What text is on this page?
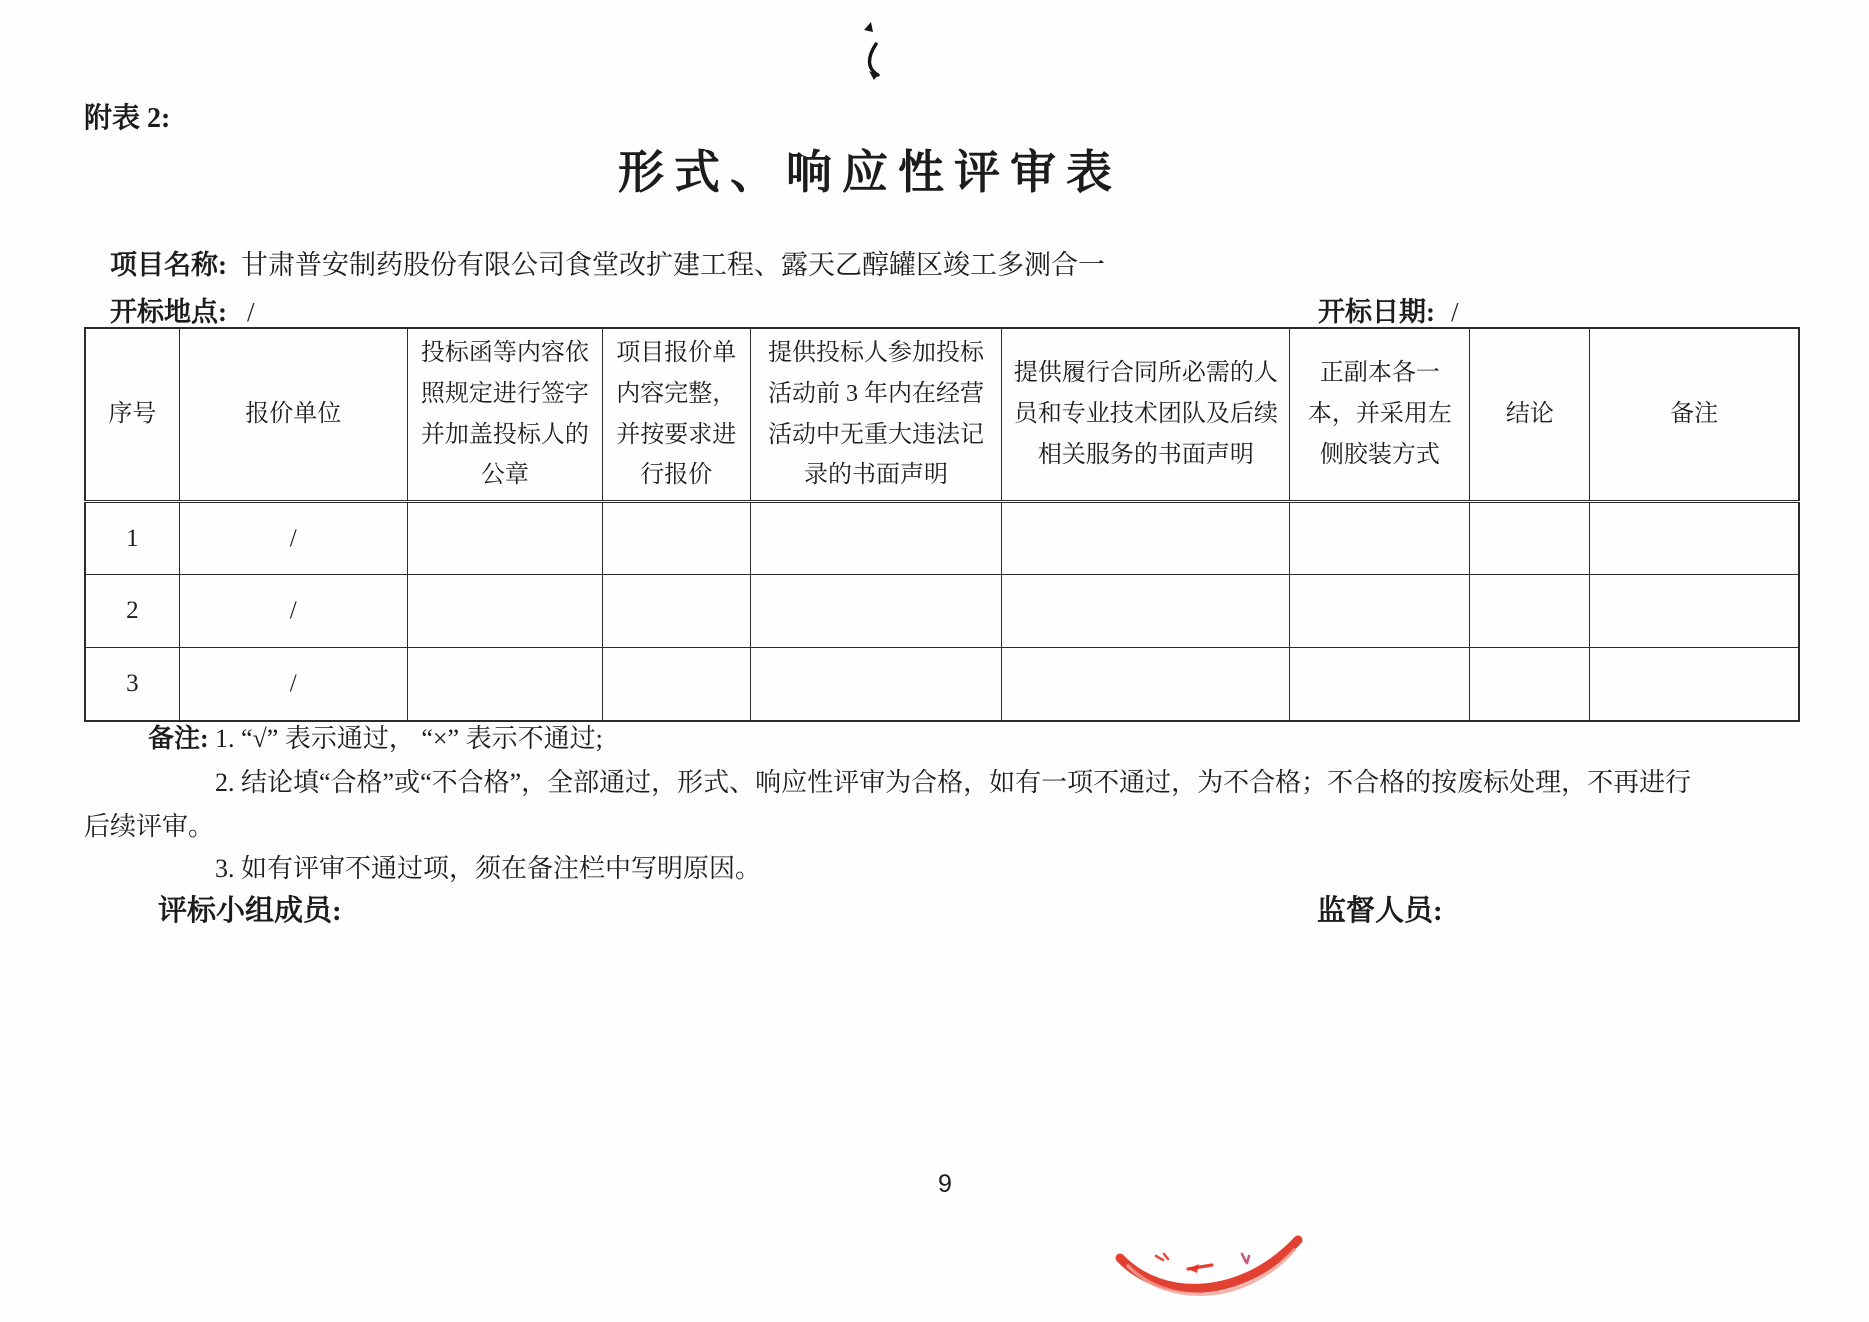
附表 2:
形式、响应性评审表
项目名称: 甘肃普安制药股份有限公司食堂改扩建工程、露天乙醇罐区竣工多测合一
开标地点: /	开标日期: /
序号	报价单位	投标函等内容依照规定进行签字并加盖投标人的公章	项目报价单内容完整，并按要求进行报价	提供投标人参加投标活动前 3 年内在经营活动中无重大违法记录的书面声明	提供履行合同所必需的人员和专业技术团队及后续相关服务的书面声明	正副本各一本，并采用左侧胶装方式	结论	备注
1	/							
2	/							
3	/							
备注: 1. “√” 表示通过， “×” 表示不通过;
2. 结论填“合格”或“不合格”，全部通过，形式、响应性评审为合格，如有一项不通过，为不合格；不合格的按废标处理，不再进行
后续评审。
3. 如有评审不通过项，须在备注栏中写明原因。
评标小组成员:	监督人员:
9
